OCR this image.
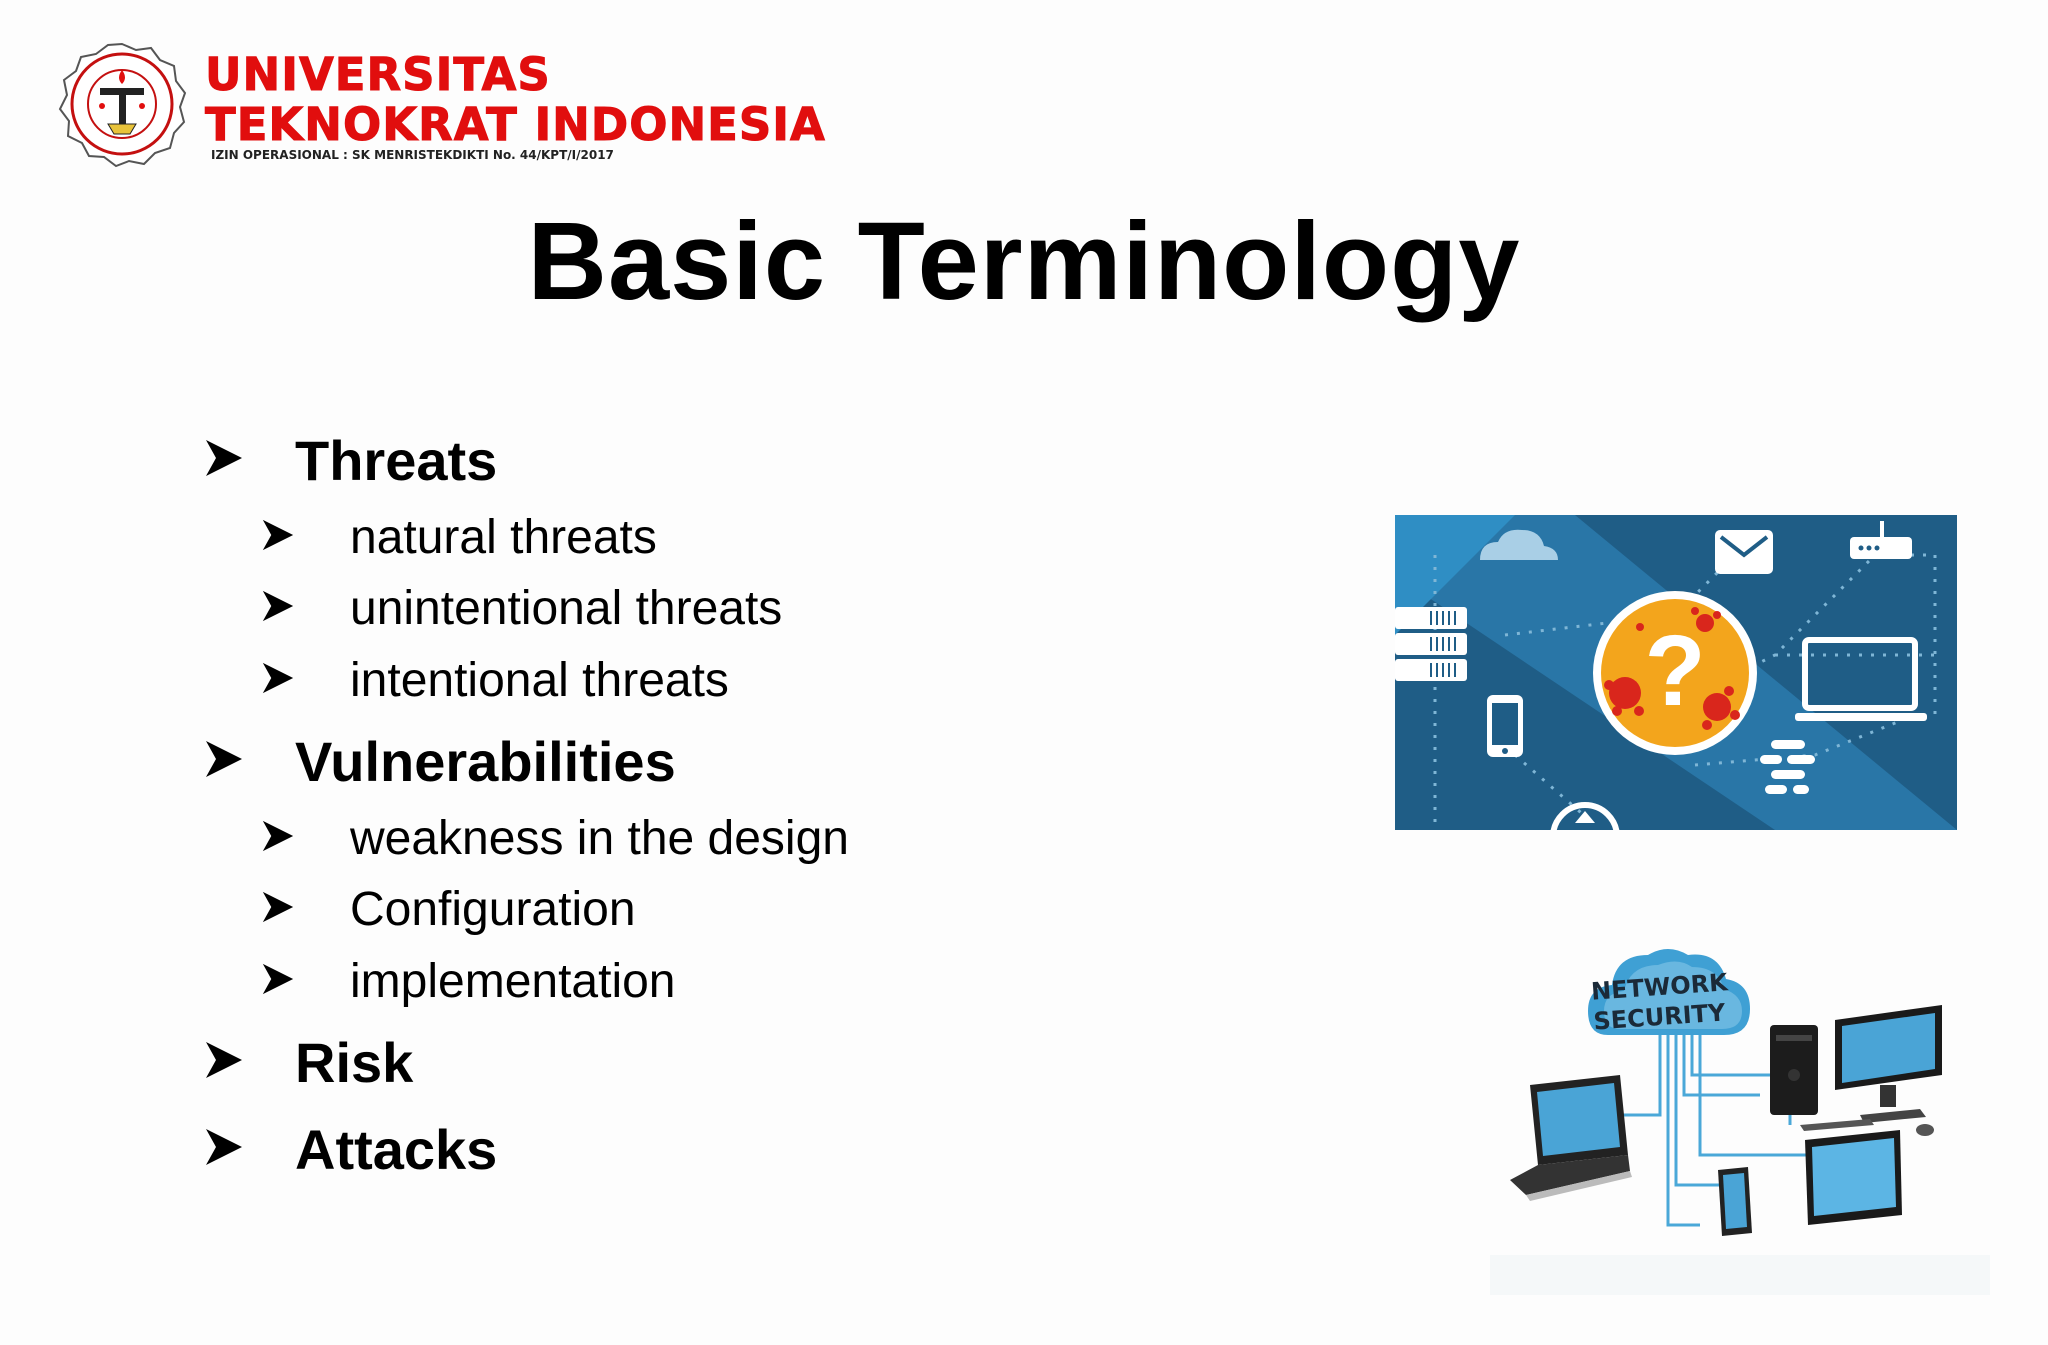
UNIVERSITAS
TEKNOKRAT INDONESIA
IZIN OPERASIONAL : SK MENRISTEKDIKTI No. 44/KPT/I/2017
Basic Terminology
Threats
natural threats
unintentional threats
intentional threats
Vulnerabilities
weakness in the design
Configuration
implementation
Risk
Attacks
?
NETWORK
SECURITY
